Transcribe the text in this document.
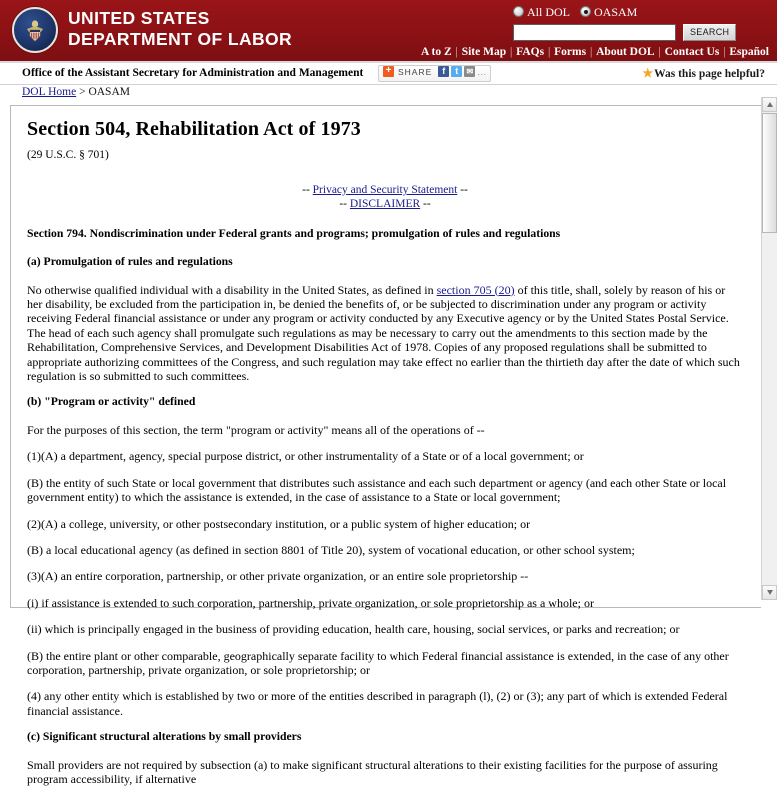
UNITED STATES
DEPARTMENT OF LABOR
All DOL OASAM
SEARCH
A to Z | Site Map | FAQs | Forms | About DOL | Contact Us | Español
Office of the Assistant Secretary for Administration and Management	+ SHARE f t ✉ …	★Was this page helpful?
DOL Home > OASAM
Section 504, Rehabilitation Act of 1973
(29 U.S.C. § 701)
-- Privacy and Security Statement --
-- DISCLAIMER --
Section 794. Nondiscrimination under Federal grants and programs; promulgation of rules and regulations
(a) Promulgation of rules and regulations

No otherwise qualified individual with a disability in the United States, as defined in section 705 (20) of this title, shall, solely by reason of his or her disability, be excluded from the participation in, be denied the benefits of, or be subjected to discrimination under any program or activity receiving Federal financial assistance or under any program or activity conducted by any Executive agency or by the United States Postal Service. The head of each such agency shall promulgate such regulations as may be necessary to carry out the amendments to this section made by the Rehabilitation, Comprehensive Services, and Development Disabilities Act of 1978. Copies of any proposed regulations shall be submitted to appropriate authorizing committees of the Congress, and such regulation may take effect no earlier than the thirtieth day after the date of which such regulation is so submitted to such committees.

(b) "Program or activity" defined

For the purposes of this section, the term "program or activity" means all of the operations of --

(1)(A) a department, agency, special purpose district, or other instrumentality of a State or of a local government; or

(B) the entity of such State or local government that distributes such assistance and each such department or agency (and each other State or local government entity) to which the assistance is extended, in the case of assistance to a State or local government;

(2)(A) a college, university, or other postsecondary institution, or a public system of higher education; or

(B) a local educational agency (as defined in section 8801 of Title 20), system of vocational education, or other school system;

(3)(A) an entire corporation, partnership, or other private organization, or an entire sole proprietorship --

(i) if assistance is extended to such corporation, partnership, private organization, or sole proprietorship as a whole; or

(ii) which is principally engaged in the business of providing education, health care, housing, social services, or parks and recreation; or

(B) the entire plant or other comparable, geographically separate facility to which Federal financial assistance is extended, in the case of any other corporation, partnership, private organization, or sole proprietorship; or

(4) any other entity which is established by two or more of the entities described in paragraph (l), (2) or (3); any part of which is extended Federal financial assistance.

(c) Significant structural alterations by small providers

Small providers are not required by subsection (a) to make significant structural alterations to their existing facilities for the purpose of assuring program accessibility, if alternative
